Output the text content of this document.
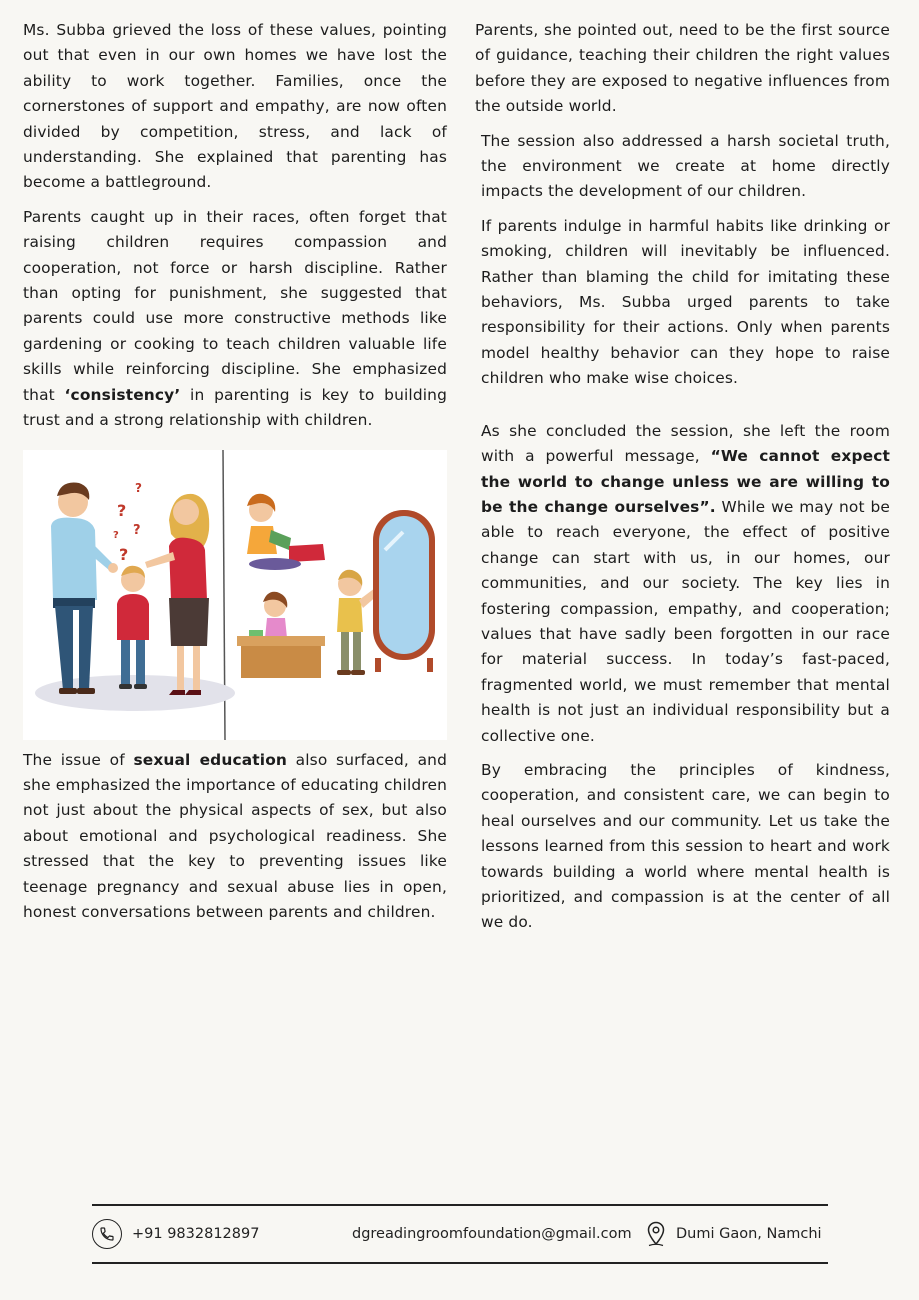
Ms. Subba grieved the loss of these values, pointing out that even in our own homes we have lost the ability to work together. Families, once the cornerstones of support and empathy, are now often divided by competition, stress, and lack of understanding. She explained that parenting has become a battleground.

Parents caught up in their races, often forget that raising children requires compassion and cooperation, not force or harsh discipline. Rather than opting for punishment, she suggested that parents could use more constructive methods like gardening or cooking to teach children valuable life skills while reinforcing discipline. She emphasized that ‘consistency’ in parenting is key to building trust and a strong relationship with children.

?
?
?
?
?

The issue of sexual education also surfaced, and she emphasized the importance of educating children not just about the physical aspects of sex, but also about emotional and psychological readiness. She stressed that the key to preventing issues like teenage pregnancy and sexual abuse lies in open, honest conversations between parents and children.

Parents, she pointed out, need to be the first source of guidance, teaching their children the right values before they are exposed to negative influences from the outside world.

The session also addressed a harsh societal truth, the environment we create at home directly impacts the development of our children.

If parents indulge in harmful habits like drinking or smoking, children will inevitably be influenced. Rather than blaming the child for imitating these behaviors, Ms. Subba urged parents to take responsibility for their actions. Only when parents model healthy behavior can they hope to raise children who make wise choices.

As she concluded the session, she left the room with a powerful message, “We cannot expect the world to change unless we are willing to be the change ourselves”. While we may not be able to reach everyone, the effect of positive change can start with us, in our homes, our communities, and our society. The key lies in fostering compassion, empathy, and cooperation; values that have sadly been forgotten in our race for material success. In today’s fast-paced, fragmented world, we must remember that mental health is not just an individual responsibility but a collective one.

By embracing the principles of kindness, cooperation, and consistent care, we can begin to heal ourselves and our community. Let us take the lessons learned from this session to heart and work towards building a world where mental health is prioritized, and compassion is at the center of all we do.

+91 9832812897	dgreadingroomfoundation@gmail.com	Dumi Gaon, Namchi
